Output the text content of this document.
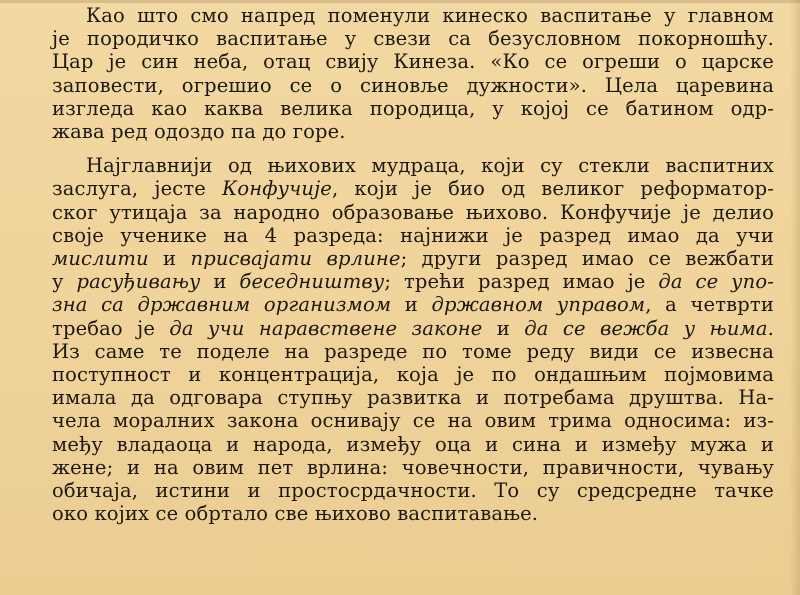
Као што смо напред поменули кинеско васпитање у главном
је породичко васпитање у свези са безусловном покорношћу.
Цар је син неба, отац свију Кинеза. «Ко се огреши о царске
заповести, огрешио се о синовље дужности». Цела царевина
изгледа као каква велика породица, у којој се батином одр-
жава ред одоздо па до горе.
Најглавнији од њихових мудраца, који су стекли васпитних
заслуга, јесте Конфучије, који је био од великог реформатор-
ског утицаја за народно образовање њихово. Конфучије је делио
своје ученике на 4 разреда: најнижи је разред имао да учи
мислити и присвајати врлине; други разред имао се вежбати
у расуђивању и беседништву; трећи разред имао је да се упо-
зна са државним организмом и државном управом, а четврти
требао је да учи наравствене законе и да се вежба у њима.
Из саме те поделе на разреде по томе реду види се извесна
поступност и концентрација, која је по ондашњим појмовима
имала да одговара ступњу развитка и потребама друштва. На-
чела моралних закона оснивају се на овим трима односима: из-
међу владаоца и народа, између оца и сина и између мужа и
жене; и на овим пет врлина: човечности, правичности, чувању
обичаја, истини и простосрдачности. То су средсредне тачке
око којих се обртало све њихово васпитавање.
